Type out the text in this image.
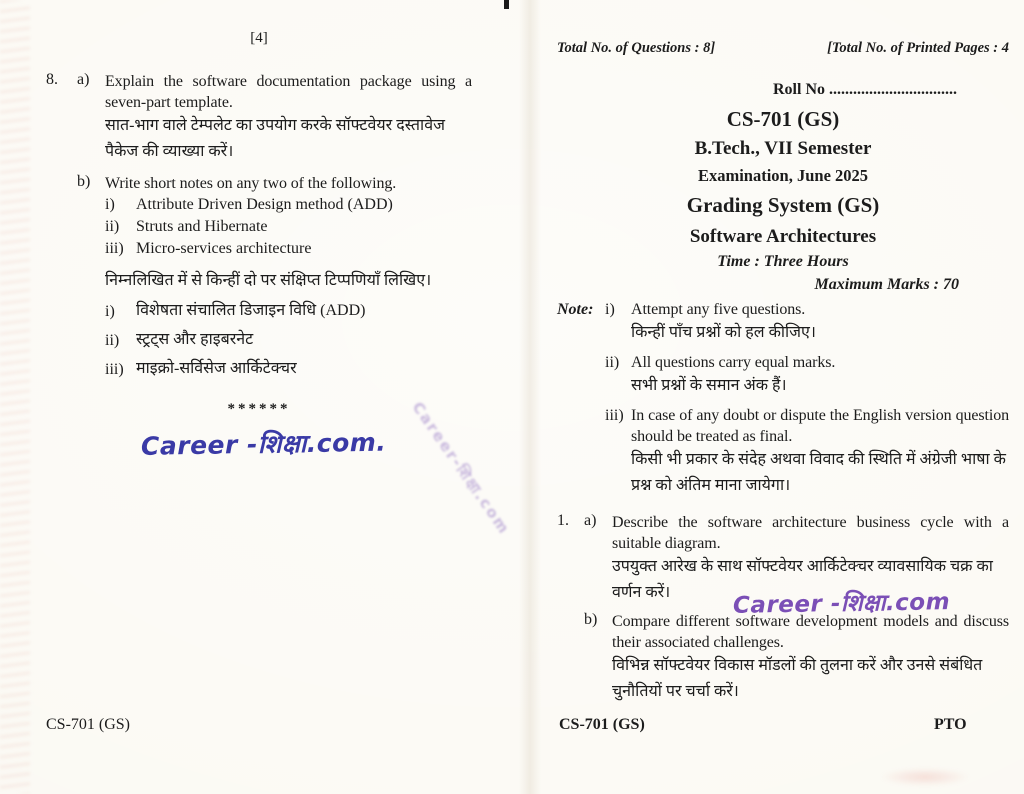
Career-शिक्षा.com
[4]
8.	a) Explain the software documentation package using a seven-part template.

सात-भाग वाले टेम्पलेट का उपयोग करके सॉफ्टवेयर दस्तावेज पैकेज की व्याख्या करें।

b) Write short notes on any two of the following.

i)	Attribute Driven Design method (ADD)
ii)	Struts and Hibernate
iii) Micro-services architecture

निम्नलिखित में से किन्हीं दो पर संक्षिप्त टिप्पणियाँ लिखिए।

i)	विशेषता संचालित डिजाइन विधि (ADD)
ii)	स्ट्रट्स और हाइबरनेट
iii) माइक्रो-सर्विसेज आर्किटेक्चर
******
Career -शिक्षा.com.
Total No. of Questions : 8]	[Total No. of Printed Pages : 4
Roll No ................................
CS-701 (GS)
B.Tech., VII Semester
Examination, June 2025
Grading System (GS)
Software Architectures
Time : Three Hours
Maximum Marks : 70
Note: i)	Attempt any five questions.

किन्हीं पाँच प्रश्नों को हल कीजिए।

ii) All questions carry equal marks.

सभी प्रश्नों के समान अंक हैं।

iii) In case of any doubt or dispute the English version question should be treated as final.

किसी भी प्रकार के संदेह अथवा विवाद की स्थिति में अंग्रेजी भाषा के प्रश्न को अंतिम माना जायेगा।

1. a) Describe the software architecture business cycle with a suitable diagram.

उपयुक्त आरेख के साथ सॉफ्टवेयर आर्किटेक्चर व्यावसायिक चक्र का वर्णन करें।

b) Compare different software development models and discuss their associated challenges.

विभिन्न सॉफ्टवेयर विकास मॉडलों की तुलना करें और उनसे संबंधित चुनौतियों पर चर्चा करें।

Career -शिक्षा.com
CS-701 (GS)	CS-701 (GS)	PTO
